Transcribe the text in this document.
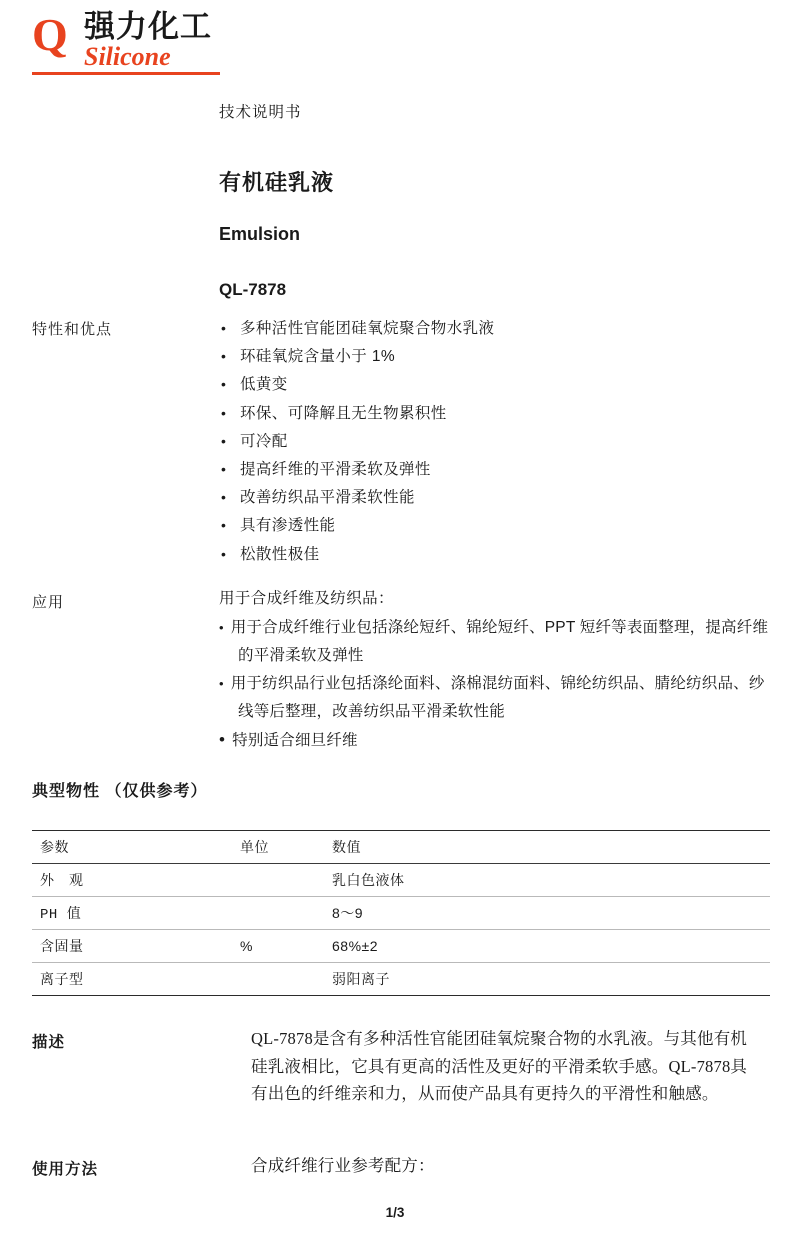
Q 强力化工
Silicone
技术说明书
有机硅乳液
Emulsion
QL-7878
特性和优点	• 多种活性官能团硅氧烷聚合物水乳液
• 环硅氧烷含量小于 1%
• 低黄变
• 环保、可降解且无生物累积性
• 可冷配
• 提高纤维的平滑柔软及弹性
• 改善纺织品平滑柔软性能
• 具有渗透性能
• 松散性极佳
应用	用于合成纤维及纺织品：

• 用于合成纤维行业包括涤纶短纤、锦纶短纤、PPT 短纤等表面整理，提高纤维的平滑柔软及弹性
• 用于纺织品行业包括涤纶面料、涤棉混纺面料、锦纶纺织品、腈纶纺织品、纱线等后整理，改善纺织品平滑柔软性能
• 特别适合细旦纤维
典型物性 （仅供参考）
参数	单位	数值
外　观		乳白色液体
PH 值		8～9
含固量	%	68%±2
离子型		弱阳离子
描述	QL-7878是含有多种活性官能团硅氧烷聚合物的水乳液。与其他有机硅乳液相比，它具有更高的活性及更好的平滑柔软手感。QL-7878具有出色的纤维亲和力，从而使产品具有更持久的平滑性和触感。
使用方法	合成纤维行业参考配方：
1/3
